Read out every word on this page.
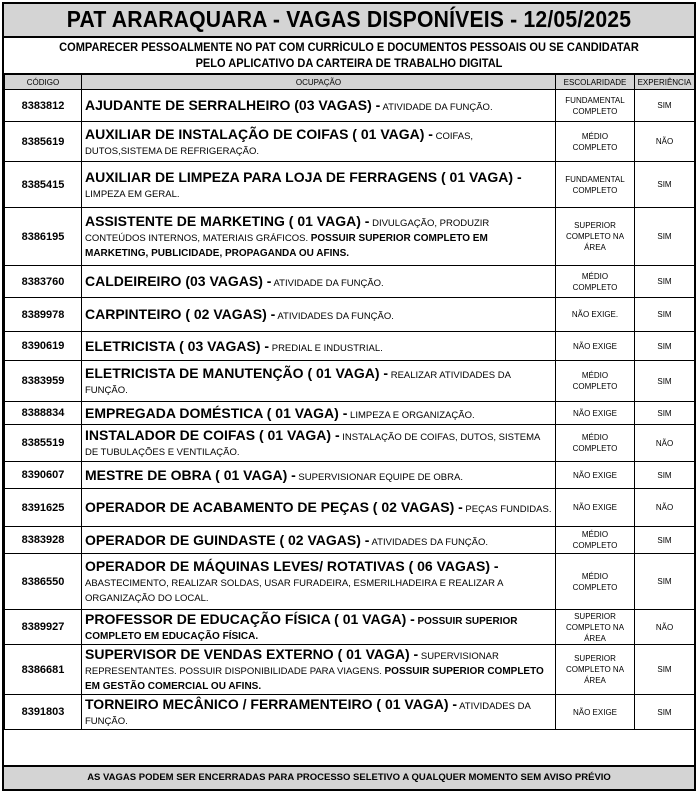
PAT ARARAQUARA - VAGAS DISPONÍVEIS - 12/05/2025
COMPARECER PESSOALMENTE NO PAT COM CURRÍCULO E DOCUMENTOS PESSOAIS OU SE CANDIDATAR
PELO APLICATIVO DA CARTEIRA DE TRABALHO DIGITAL
CÓDIGO	OCUPAÇÃO	ESCOLARIDADE	EXPERIÊNCIA
8383812	AJUDANTE DE SERRALHEIRO (03 VAGAS) - ATIVIDADE DA FUNÇÃO.	FUNDAMENTAL COMPLETO	SIM
8385619	AUXILIAR DE INSTALAÇÃO DE COIFAS ( 01 VAGA) - COIFAS, DUTOS,SISTEMA DE REFRIGERAÇÃO.	MÉDIO COMPLETO	NÃO
8385415	AUXILIAR DE LIMPEZA PARA LOJA DE FERRAGENS ( 01 VAGA) - LIMPEZA EM GERAL.	FUNDAMENTAL COMPLETO	SIM
8386195	ASSISTENTE DE MARKETING ( 01 VAGA) - DIVULGAÇÃO, PRODUZIR CONTEÚDOS INTERNOS, MATERIAIS GRÁFICOS. POSSUIR SUPERIOR COMPLETO EM MARKETING, PUBLICIDADE, PROPAGANDA OU AFINS.	SUPERIOR COMPLETO NA ÁREA	SIM
8383760	CALDEIREIRO (03 VAGAS) - ATIVIDADE DA FUNÇÃO.	MÉDIO COMPLETO	SIM
8389978	CARPINTEIRO ( 02 VAGAS) - ATIVIDADES DA FUNÇÃO.	NÃO EXIGE.	SIM
8390619	ELETRICISTA ( 03 VAGAS) - PREDIAL E INDUSTRIAL.	NÃO EXIGE	SIM
8383959	ELETRICISTA DE MANUTENÇÃO ( 01 VAGA) - REALIZAR ATIVIDADES DA FUNÇÃO.	MÉDIO COMPLETO	SIM
8388834	EMPREGADA DOMÉSTICA ( 01 VAGA) - LIMPEZA E ORGANIZAÇÃO.	NÃO EXIGE	SIM
8385519	INSTALADOR DE COIFAS ( 01 VAGA) - INSTALAÇÃO DE COIFAS, DUTOS, SISTEMA DE TUBULAÇÕES E VENTILAÇÃO.	MÉDIO COMPLETO	NÃO
8390607	MESTRE DE OBRA ( 01 VAGA) - SUPERVISIONAR EQUIPE DE OBRA.	NÃO EXIGE	SIM
8391625	OPERADOR DE ACABAMENTO DE PEÇAS ( 02 VAGAS) - PEÇAS FUNDIDAS.	NÃO EXIGE	NÃO
8383928	OPERADOR DE GUINDASTE ( 02 VAGAS) - ATIVIDADES DA FUNÇÃO.	MÉDIO COMPLETO	SIM
8386550	OPERADOR DE MÁQUINAS LEVES/ ROTATIVAS ( 06 VAGAS) - ABASTECIMENTO, REALIZAR SOLDAS, USAR FURADEIRA, ESMERILHADEIRA E REALIZAR A ORGANIZAÇÃO DO LOCAL.	MÉDIO COMPLETO	SIM
8389927	PROFESSOR DE EDUCAÇÃO FÍSICA ( 01 VAGA) - POSSUIR SUPERIOR COMPLETO EM EDUCAÇÃO FÍSICA.	SUPERIOR COMPLETO NA ÁREA	NÃO
8386681	SUPERVISOR DE VENDAS EXTERNO ( 01 VAGA) - SUPERVISIONAR REPRESENTANTES. POSSUIR DISPONIBILIDADE PARA VIAGENS. POSSUIR SUPERIOR COMPLETO EM GESTÃO COMERCIAL OU AFINS.	SUPERIOR COMPLETO NA ÁREA	SIM
8391803	TORNEIRO MECÂNICO / FERRAMENTEIRO ( 01 VAGA) - ATIVIDADES DA FUNÇÃO.	NÃO EXIGE	SIM
AS VAGAS PODEM SER ENCERRADAS PARA PROCESSO SELETIVO A QUALQUER MOMENTO SEM AVISO PRÉVIO
